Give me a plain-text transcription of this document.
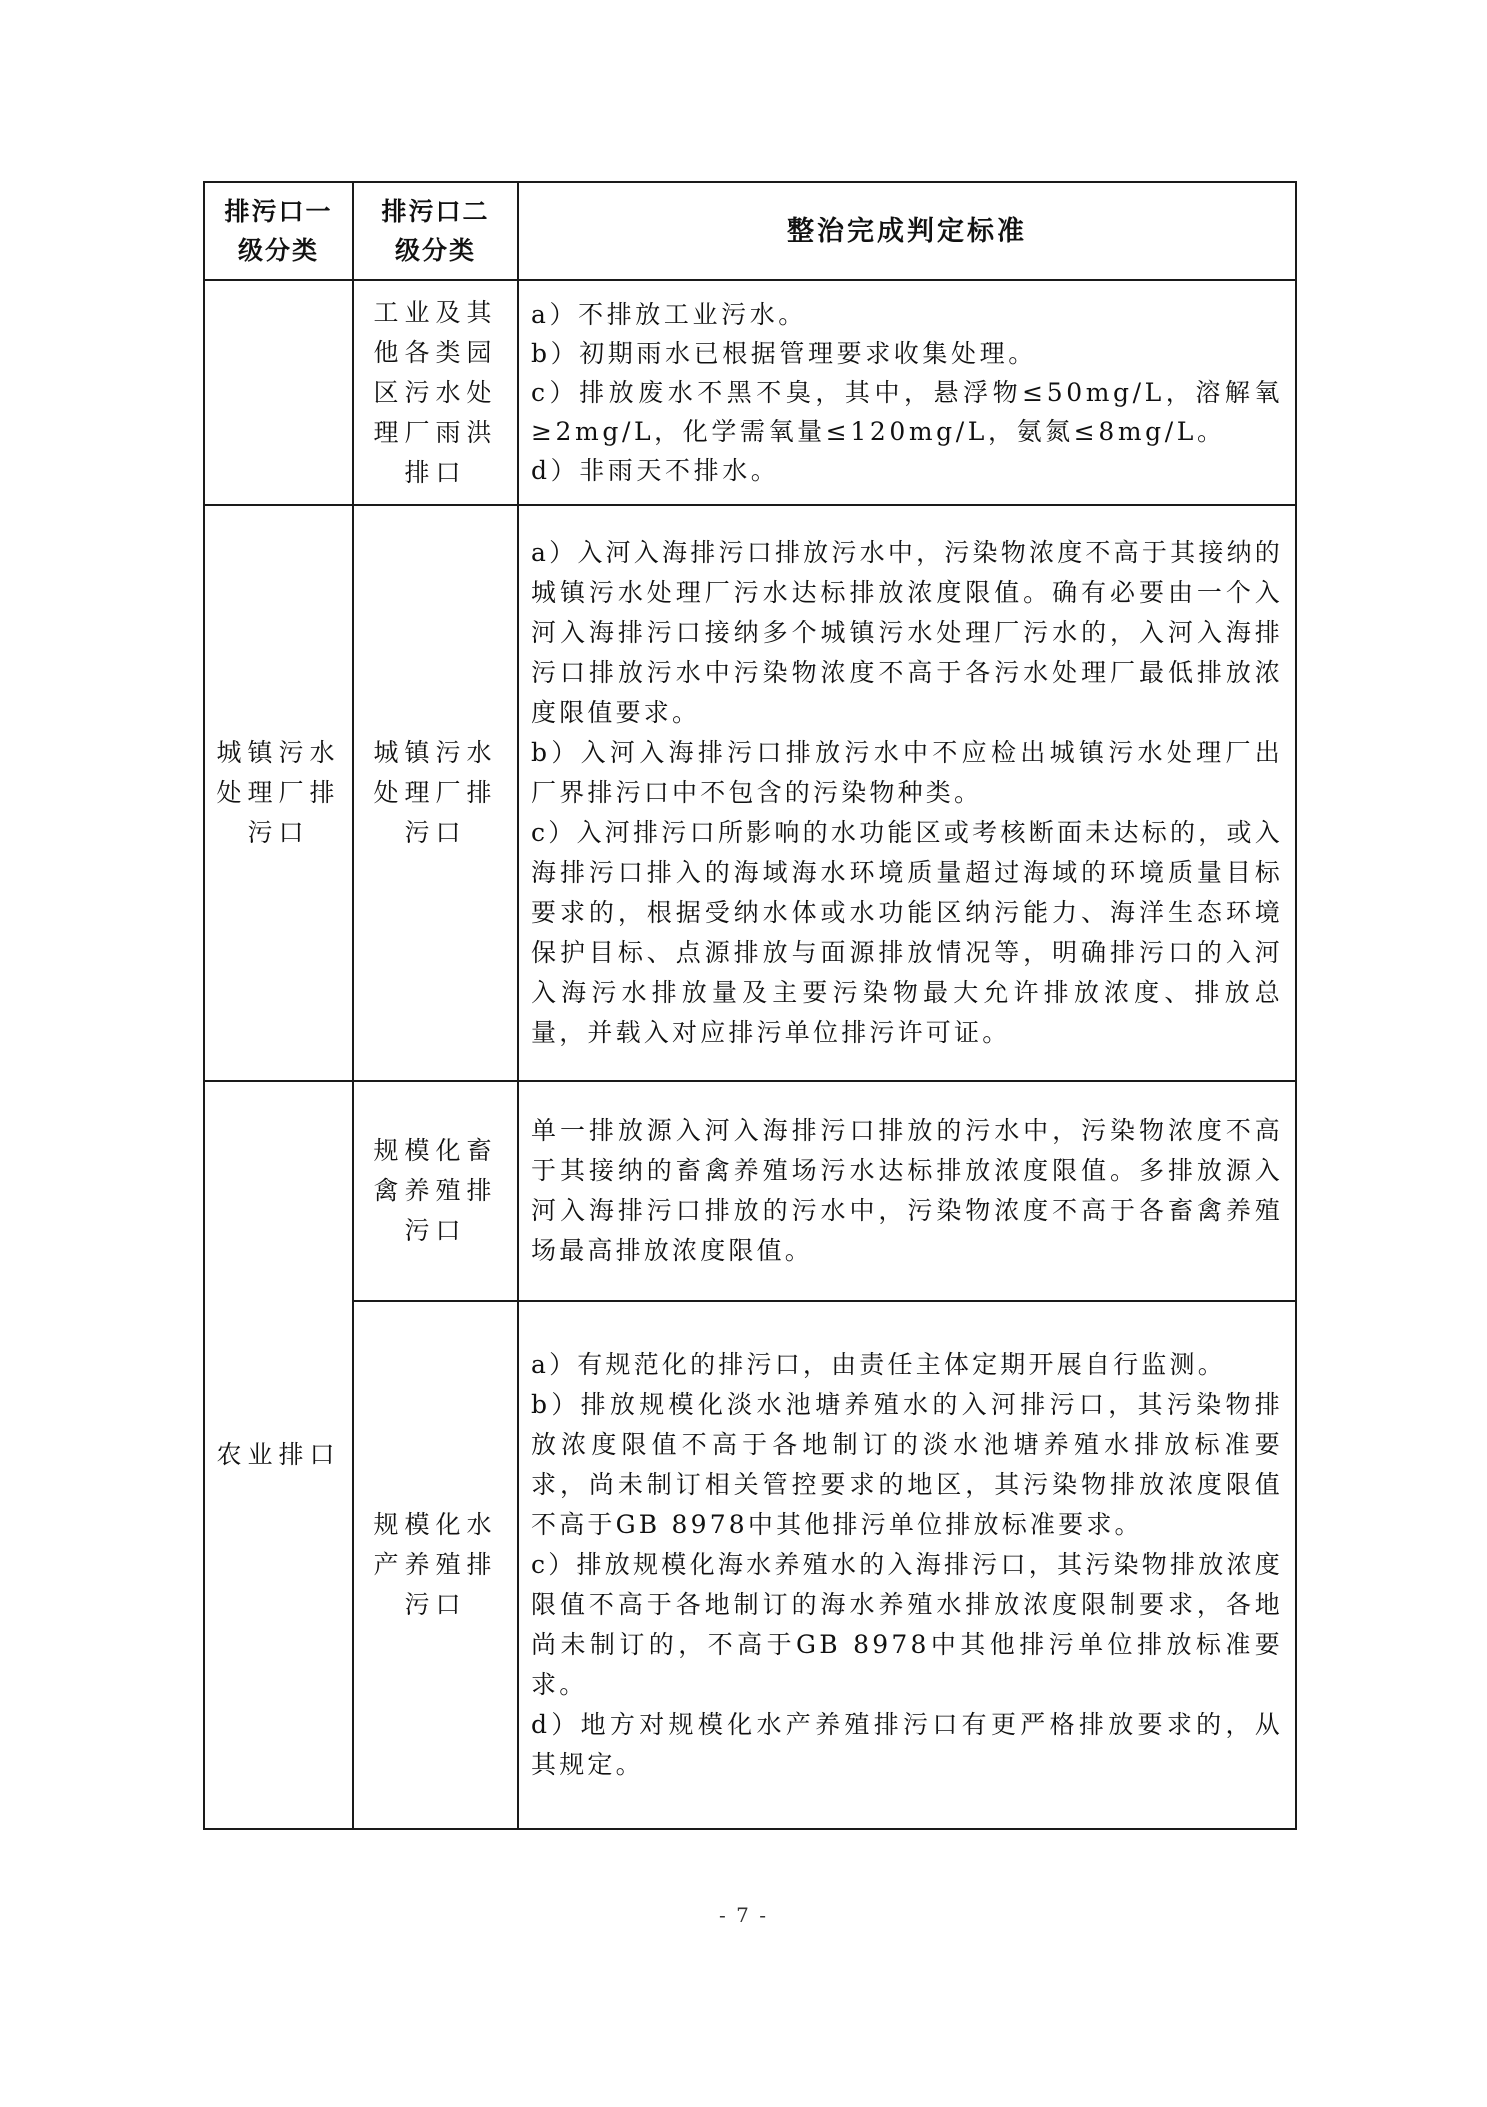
排污口一级分类	排污口二级分类	整治完成判定标准
	工业及其他各类园区污水处理厂雨洪排口	a）不排放工业污水。

b）初期雨水已根据管理要求收集处理。

c）排放废水不黑不臭，其中，悬浮物≤50mg/L，溶解氧≥2mg/L，化学需氧量≤120mg/L，氨氮≤8mg/L。

d）非雨天不排水。

城镇污水处理厂排污口	城镇污水处理厂排污口	a）入河入海排污口排放污水中，污染物浓度不高于其接纳的城镇污水处理厂污水达标排放浓度限值。确有必要由一个入河入海排污口接纳多个城镇污水处理厂污水的，入河入海排污口排放污水中污染物浓度不高于各污水处理厂最低排放浓度限值要求。

b）入河入海排污口排放污水中不应检出城镇污水处理厂出厂界排污口中不包含的污染物种类。

c）入河排污口所影响的水功能区或考核断面未达标的，或入海排污口排入的海域海水环境质量超过海域的环境质量目标要求的，根据受纳水体或水功能区纳污能力、海洋生态环境保护目标、点源排放与面源排放情况等，明确排污口的入河入海污水排放量及主要污染物最大允许排放浓度、排放总量，并载入对应排污单位排污许可证。

农业排口	规模化畜禽养殖排污口	单一排放源入河入海排污口排放的污水中，污染物浓度不高于其接纳的畜禽养殖场污水达标排放浓度限值。多排放源入河入海排污口排放的污水中，污染物浓度不高于各畜禽养殖场最高排放浓度限值。

	规模化水产养殖排污口	a）有规范化的排污口，由责任主体定期开展自行监测。

b）排放规模化淡水池塘养殖水的入河排污口，其污染物排放浓度限值不高于各地制订的淡水池塘养殖水排放标准要求，尚未制订相关管控要求的地区，其污染物排放浓度限值不高于GB 8978中其他排污单位排放标准要求。

c）排放规模化海水养殖水的入海排污口，其污染物排放浓度限值不高于各地制订的海水养殖水排放浓度限制要求，各地尚未制订的，不高于GB 8978中其他排污单位排放标准要求。

d）地方对规模化水产养殖排污口有更严格排放要求的，从其规定。

- 7 -
